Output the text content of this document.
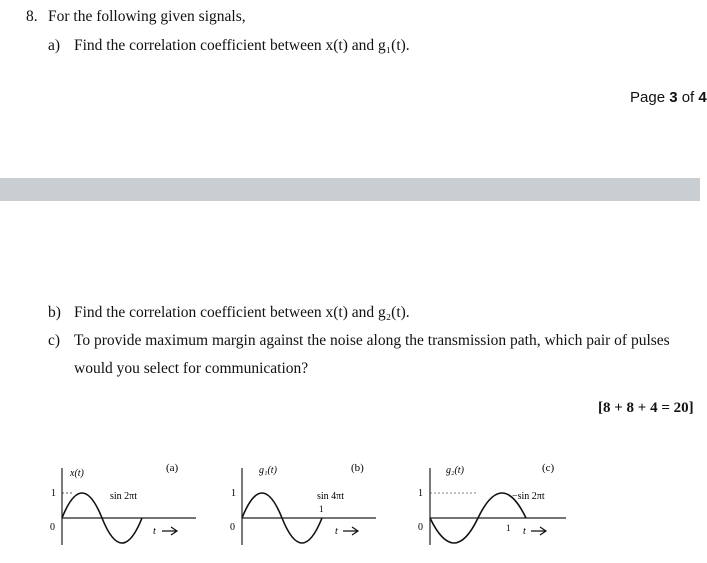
8. For the following given signals,
a) Find the correlation coefficient between x(t) and g₁(t).
Page 3 of 4
b) Find the correlation coefficient between x(t) and g₂(t).
c) To provide maximum margin against the noise along the transmission path, which pair of pulses
would you select for communication?
[8 + 8 + 4 = 20]
x(t)	(a)
sin 2πt
1
0	t
g₁(t)	(b)
sin 4πt
1
0
1
t
g₂(t)	(c)
−sin 2πt
1
0	1 t
